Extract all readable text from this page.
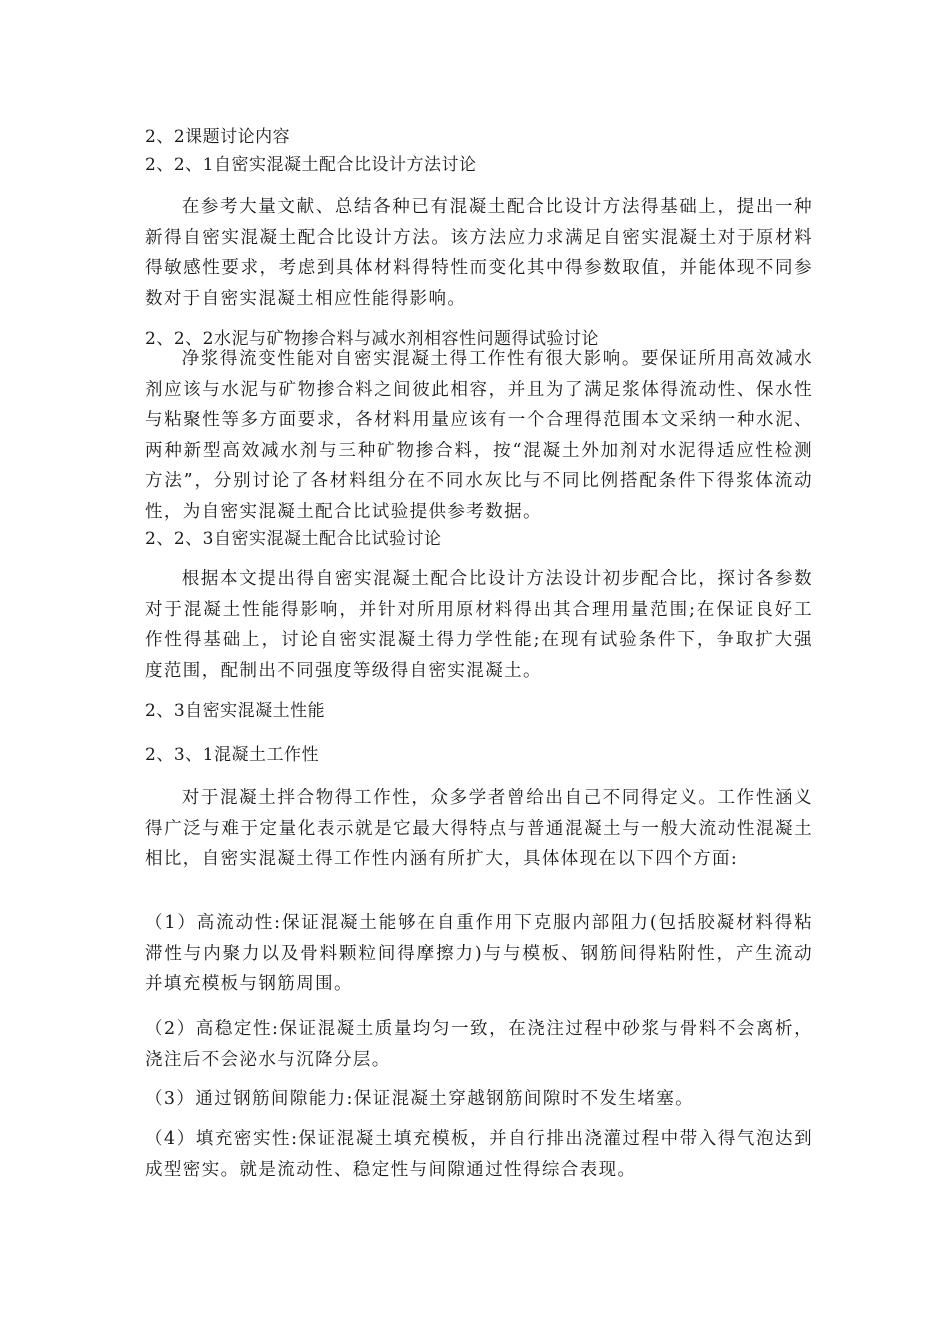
2、2课题讨论内容
2、2、1自密实混凝土配合比设计方法讨论

在参考大量文献、总结各种已有混凝土配合比设计方法得基础上，提出一种新得自密实混凝土配合比设计方法。该方法应力求满足自密实混凝土对于原材料得敏感性要求，考虑到具体材料得特性而变化其中得参数取值，并能体现不同参数对于自密实混凝土相应性能得影响。

2、2、2水泥与矿物掺合料与减水剂相容性问题得试验讨论

净浆得流变性能对自密实混凝土得工作性有很大影响。要保证所用高效减水剂应该与水泥与矿物掺合料之间彼此相容，并且为了满足浆体得流动性、保水性与粘聚性等多方面要求，各材料用量应该有一个合理得范围本文采纳一种水泥、两种新型高效减水剂与三种矿物掺合料，按“混凝土外加剂对水泥得适应性检测方法”，分别讨论了各材料组分在不同水灰比与不同比例搭配条件下得浆体流动性，为自密实混凝土配合比试验提供参考数据。

2、2、3自密实混凝土配合比试验讨论

根据本文提出得自密实混凝土配合比设计方法设计初步配合比，探讨各参数对于混凝土性能得影响，并针对所用原材料得出其合理用量范围;在保证良好工作性得基础上，讨论自密实混凝土得力学性能;在现有试验条件下，争取扩大强度范围，配制出不同强度等级得自密实混凝土。

2、3自密实混凝土性能
2、3、1混凝土工作性

对于混凝土拌合物得工作性，众多学者曾给出自己不同得定义。工作性涵义得广泛与难于定量化表示就是它最大得特点与普通混凝土与一般大流动性混凝土相比，自密实混凝土得工作性内涵有所扩大，具体体现在以下四个方面:

（1）高流动性:保证混凝土能够在自重作用下克服内部阻力(包括胶凝材料得粘滞性与内聚力以及骨料颗粒间得摩擦力)与与模板、钢筋间得粘附性，产生流动并填充模板与钢筋周围。

（2）高稳定性:保证混凝土质量均匀一致，在浇注过程中砂浆与骨料不会离析，浇注后不会泌水与沉降分层。

（3）通过钢筋间隙能力:保证混凝土穿越钢筋间隙时不发生堵塞。

（4）填充密实性:保证混凝土填充模板，并自行排出浇灌过程中带入得气泡达到成型密实。就是流动性、稳定性与间隙通过性得综合表现。
